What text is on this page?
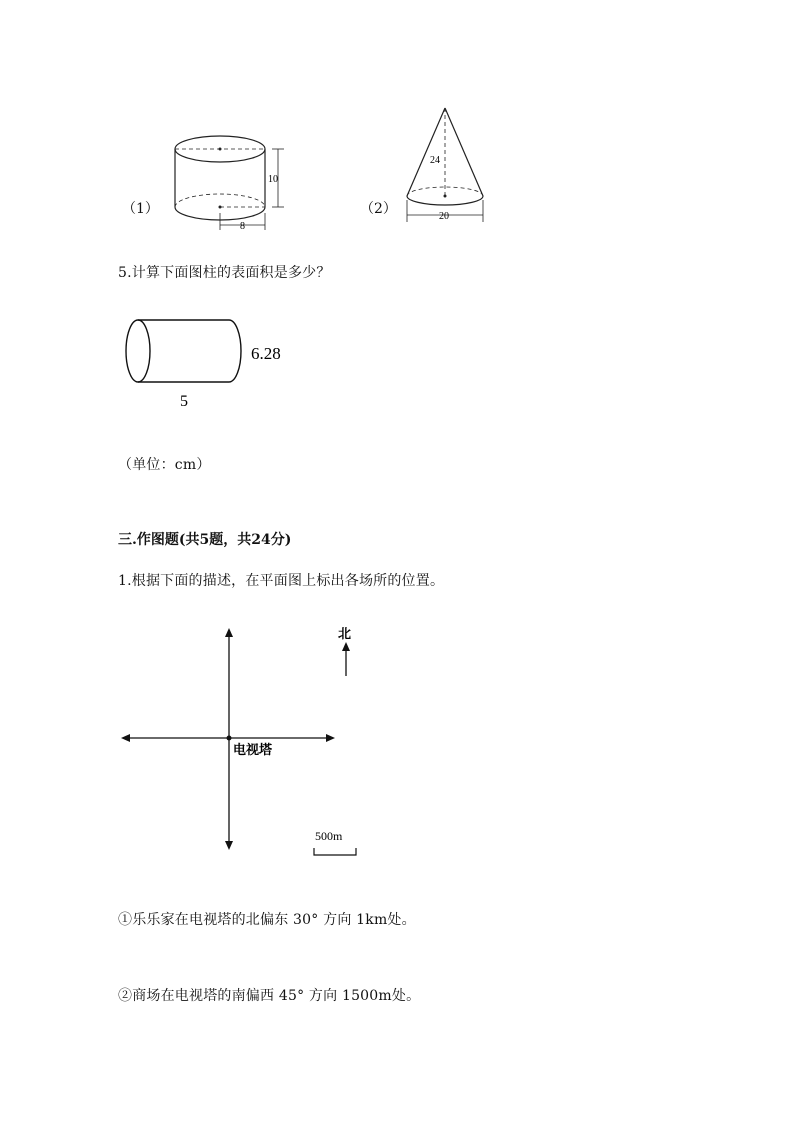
（1）
10
8
（2）
24
20
5.计算下面图柱的表面积是多少？
6.28
5
（单位：cm）
三.作图题(共5题，共24分)
1.根据下面的描述，在平面图上标出各场所的位置。
北
电视塔
500m
①乐乐家在电视塔的北偏东 30° 方向 1km处。
②商场在电视塔的南偏西 45° 方向 1500m处。
